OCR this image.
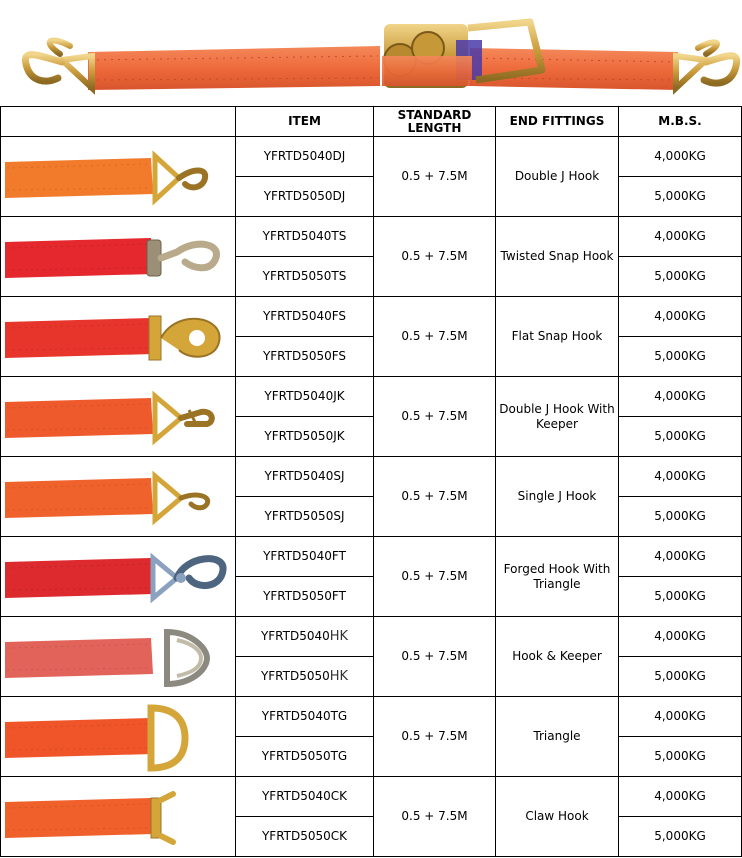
	ITEM	STANDARD LENGTH	END FITTINGS	M.B.S.

	YFRTD5040DJ	0.5 + 7.5M	Double J Hook	4,000KG
	YFRTD5050DJ			5,000KG

	YFRTD5040TS	0.5 + 7.5M	Twisted Snap Hook	4,000KG
	YFRTD5050TS			5,000KG

	YFRTD5040FS	0.5 + 7.5M	Flat Snap Hook	4,000KG
	YFRTD5050FS			5,000KG

	YFRTD5040JK	0.5 + 7.5M	Double J Hook With Keeper	4,000KG
	YFRTD5050JK			5,000KG

	YFRTD5040SJ	0.5 + 7.5M	Single J Hook	4,000KG
	YFRTD5050SJ			5,000KG

	YFRTD5040FT	0.5 + 7.5M	Forged Hook With Triangle	4,000KG
	YFRTD5050FT			5,000KG

	YFRTD5040HK	0.5 + 7.5M	Hook & Keeper	4,000KG
	YFRTD5050HK			5,000KG

	YFRTD5040TG	0.5 + 7.5M	Triangle	4,000KG
	YFRTD5050TG			5,000KG

	YFRTD5040CK	0.5 + 7.5M	Claw Hook	4,000KG
	YFRTD5050CK			5,000KG
